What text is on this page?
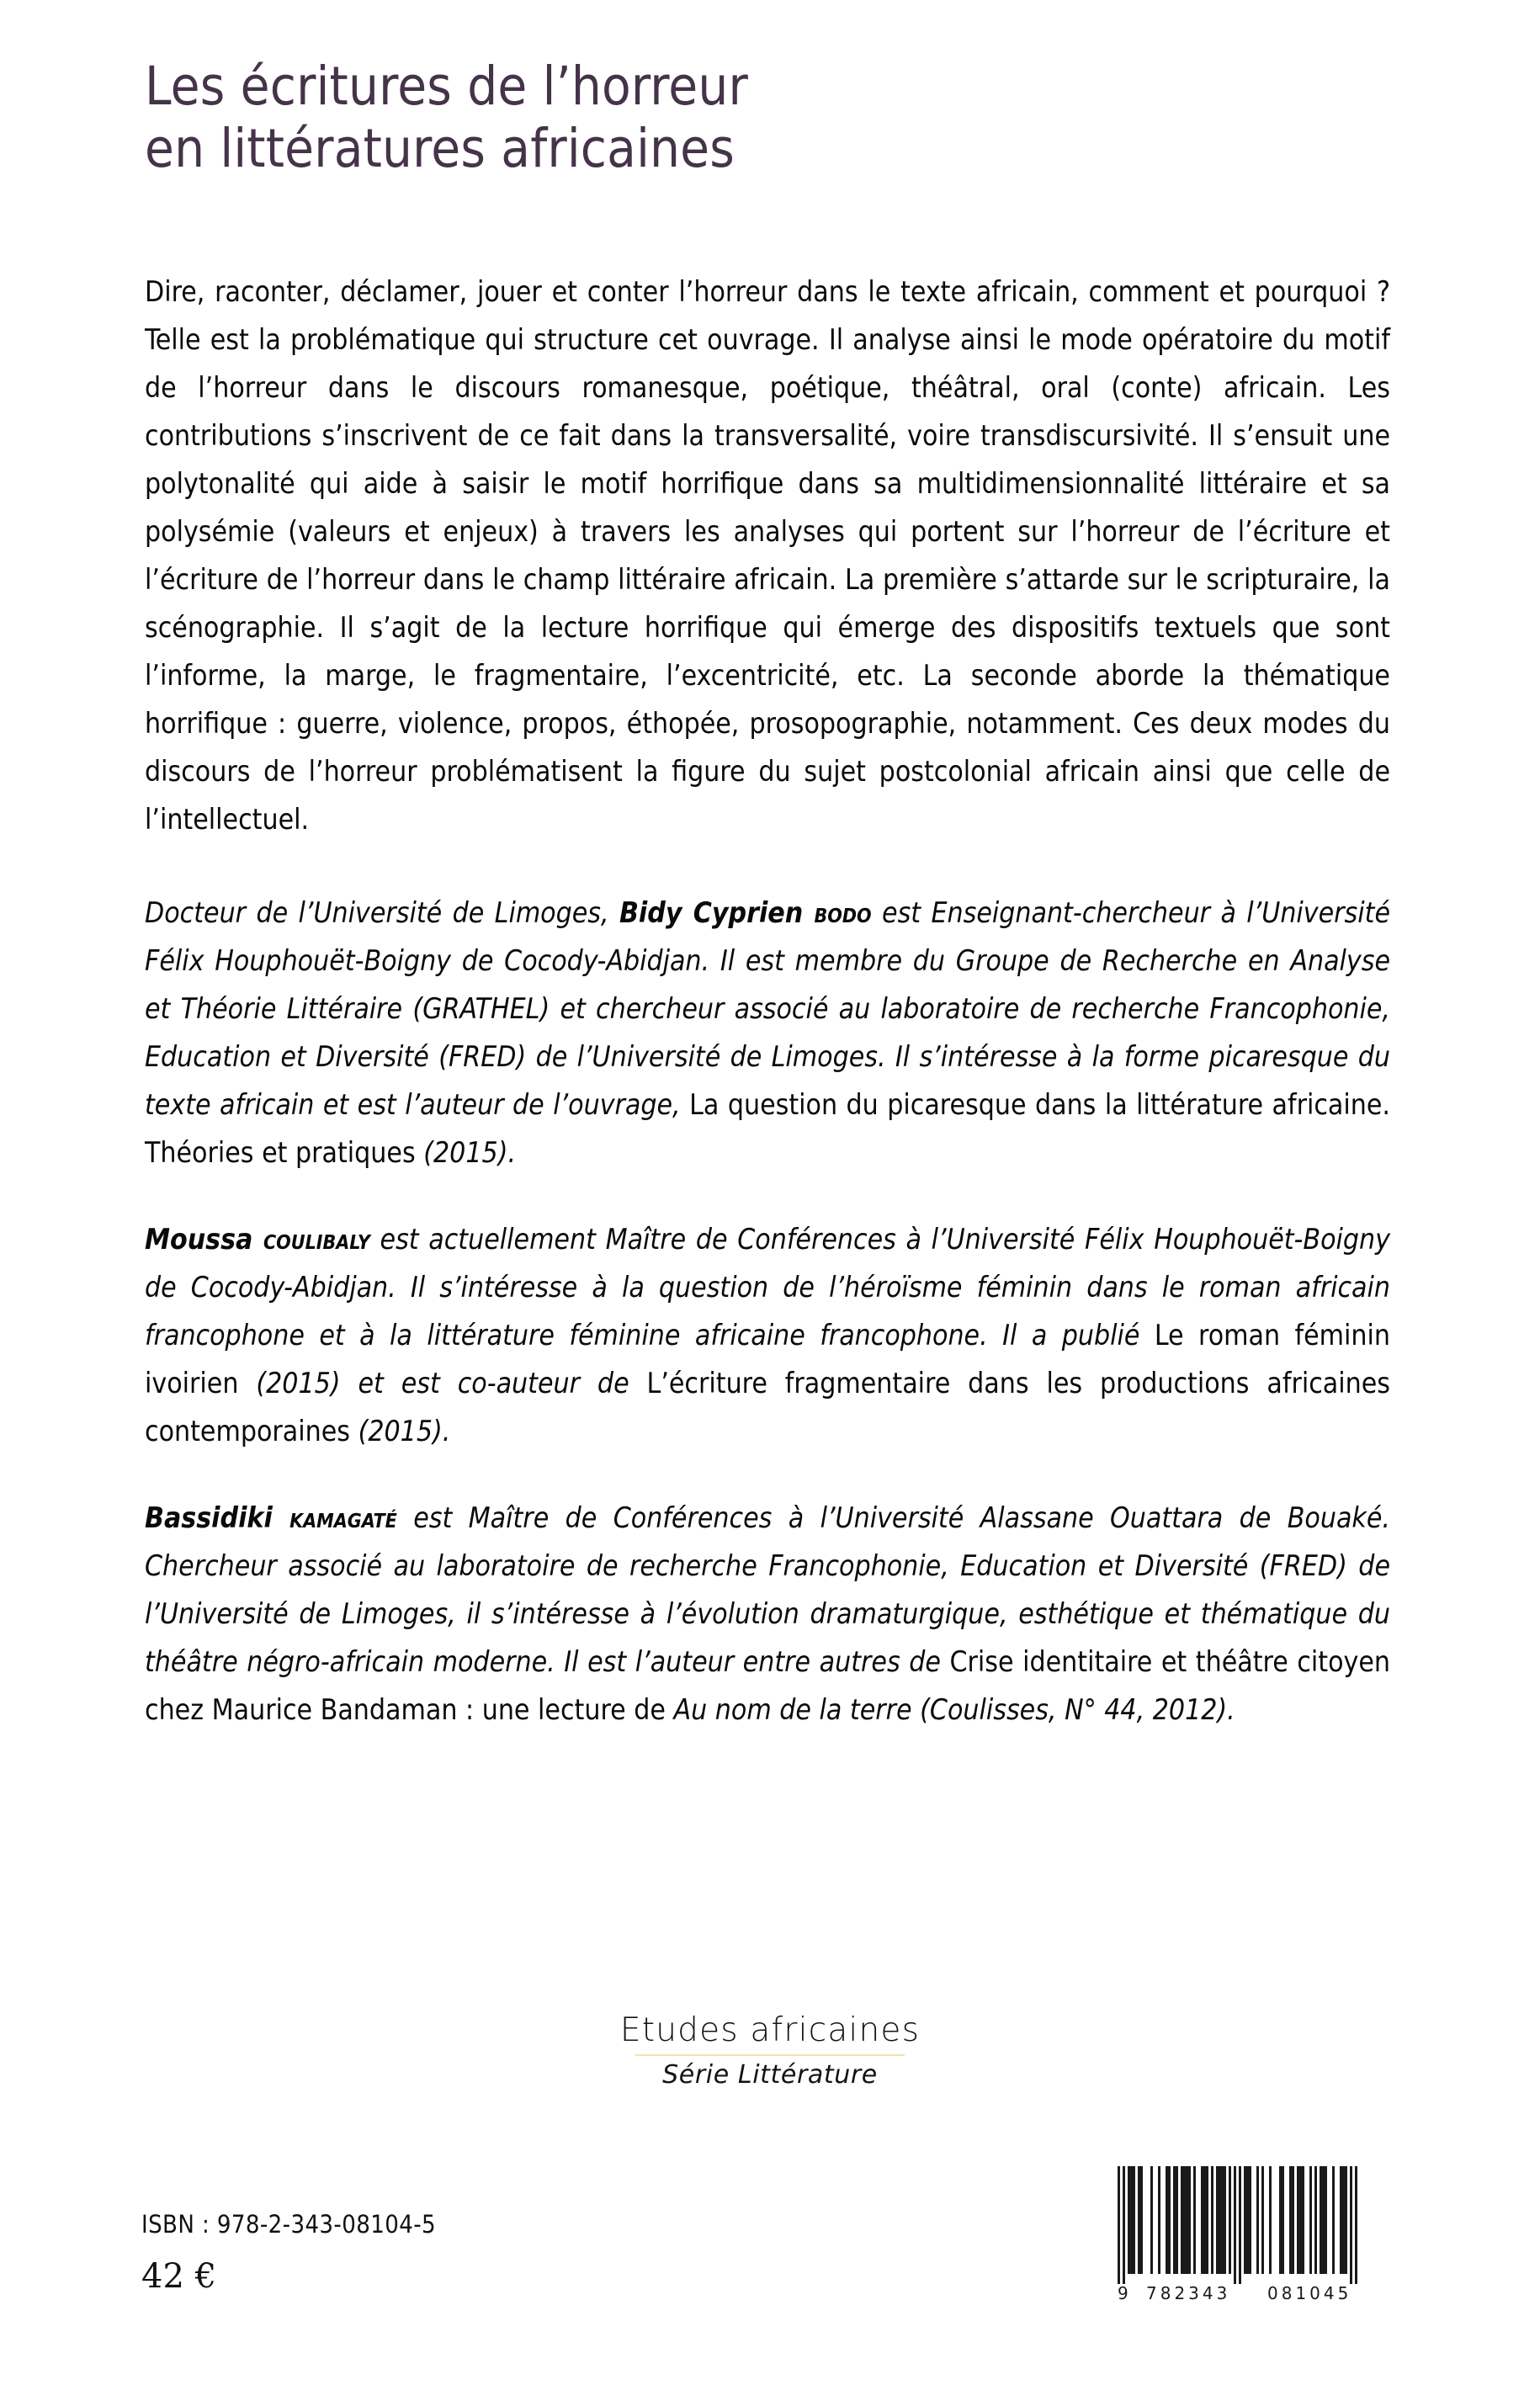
Les écritures de l’horreur
en littératures africaines

Dire, raconter, déclamer, jouer et conter l’horreur dans le texte africain, comment et pourquoi ? Telle est la problématique qui structure cet ouvrage. Il analyse ainsi le mode opératoire du motif de l’horreur dans le discours romanesque, poétique, théâtral, oral (conte) africain. Les contributions s’inscrivent de ce fait dans la transversalité, voire transdiscursivité. Il s’ensuit une polytonalité qui aide à saisir le motif horrifique dans sa multidimensionnalité littéraire et sa polysémie (valeurs et enjeux) à travers les analyses qui portent sur l’horreur de l’écriture et l’écriture de l’horreur dans le champ littéraire africain. La première s’attarde sur le scripturaire, la scénographie. Il s’agit de la lecture horrifique qui émerge des dispositifs textuels que sont l’informe, la marge, le fragmentaire, l’excentricité, etc. La seconde aborde la thématique horrifique : guerre, violence, propos, éthopée, prosopographie, notamment. Ces deux modes du discours de l’horreur problématisent la figure du sujet postcolonial africain ainsi que celle de l’intellectuel.

Docteur de l’Université de Limoges, Bidy Cyprien bodo est Enseignant-chercheur à l’Université Félix Houphouët-Boigny de Cocody-Abidjan. Il est membre du Groupe de Recherche en Analyse et Théorie Littéraire (GRATHEL) et chercheur associé au laboratoire de recherche Francophonie, Education et Diversité (FRED) de l’Université de Limoges. Il s’intéresse à la forme picaresque du texte africain et est l’auteur de l’ouvrage, La question du picaresque dans la littérature africaine. Théories et pratiques (2015).

Moussa coulibaly est actuellement Maître de Conférences à l’Université Félix Houphouët-Boigny de Cocody-Abidjan. Il s’intéresse à la question de l’héroïsme féminin dans le roman africain francophone et à la littérature féminine africaine francophone. Il a publié Le roman féminin ivoirien (2015) et est co-auteur de L’écriture fragmentaire dans les productions africaines contemporaines (2015).

Bassidiki kamagaté est Maître de Conférences à l’Université Alassane Ouattara de Bouaké. Chercheur associé au laboratoire de recherche Francophonie, Education et Diversité (FRED) de l’Université de Limoges, il s’intéresse à l’évolution dramaturgique, esthétique et thématique du théâtre négro-africain moderne. Il est l’auteur entre autres de Crise identitaire et théâtre citoyen chez Maurice Bandaman : une lecture de Au nom de la terre (Coulisses, N° 44, 2012).

Etudes africaines
Série Littérature
ISBN : 978-2-343-08104-5
42 €	9 782343 081045
